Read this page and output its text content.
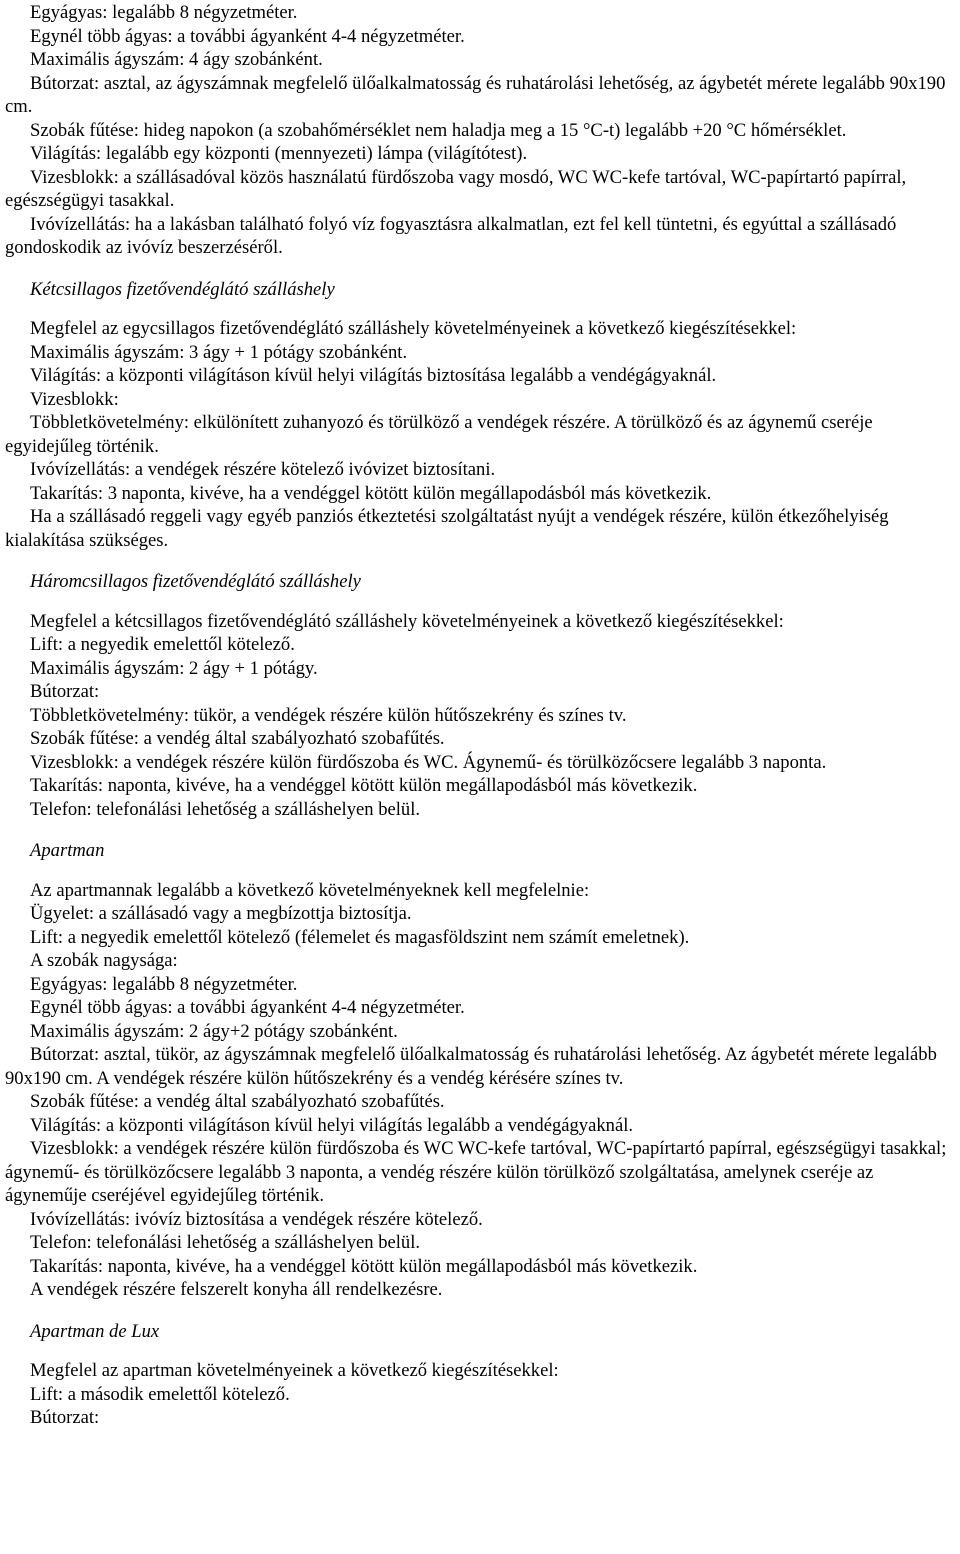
Egyágyas: legalább 8 négyzetméter.

Egynél több ágyas: a további ágyanként 4-4 négyzetméter.

Maximális ágyszám: 4 ágy szobánként.

Bútorzat: asztal, az ágyszámnak megfelelő ülőalkalmatosság és ruhatárolási lehetőség, az ágybetét mérete legalább 90x190 cm.

Szobák fűtése: hideg napokon (a szobahőmérséklet nem haladja meg a 15 °C-t) legalább +20 °C hőmérséklet.

Világítás: legalább egy központi (mennyezeti) lámpa (világítótest).

Vizesblokk: a szállásadóval közös használatú fürdőszoba vagy mosdó, WC WC-kefe tartóval, WC-papírtartó papírral, egészségügyi tasakkal.

Ivóvízellátás: ha a lakásban található folyó víz fogyasztásra alkalmatlan, ezt fel kell tüntetni, és egyúttal a szállásadó gondoskodik az ivóvíz beszerzéséről.

Kétcsillagos fizetővendéglátó szálláshely

Megfelel az egycsillagos fizetővendéglátó szálláshely követelményeinek a következő kiegészítésekkel:

Maximális ágyszám: 3 ágy + 1 pótágy szobánként.

Világítás: a központi világításon kívül helyi világítás biztosítása legalább a vendégágyaknál.

Vizesblokk:

Többletkövetelmény: elkülönített zuhanyozó és törülköző a vendégek részére. A törülköző és az ágynemű cseréje egyidejűleg történik.

Ivóvízellátás: a vendégek részére kötelező ivóvizet biztosítani.

Takarítás: 3 naponta, kivéve, ha a vendéggel kötött külön megállapodásból más következik.

Ha a szállásadó reggeli vagy egyéb panziós étkeztetési szolgáltatást nyújt a vendégek részére, külön étkezőhelyiség kialakítása szükséges.

Háromcsillagos fizetővendéglátó szálláshely

Megfelel a kétcsillagos fizetővendéglátó szálláshely követelményeinek a következő kiegészítésekkel:

Lift: a negyedik emelettől kötelező.

Maximális ágyszám: 2 ágy + 1 pótágy.

Bútorzat:

Többletkövetelmény: tükör, a vendégek részére külön hűtőszekrény és színes tv.

Szobák fűtése: a vendég által szabályozható szobafűtés.

Vizesblokk: a vendégek részére külön fürdőszoba és WC. Ágynemű- és törülközőcsere legalább 3 naponta.

Takarítás: naponta, kivéve, ha a vendéggel kötött külön megállapodásból más következik.

Telefon: telefonálási lehetőség a szálláshelyen belül.

Apartman

Az apartmannak legalább a következő követelményeknek kell megfelelnie:

Ügyelet: a szállásadó vagy a megbízottja biztosítja.

Lift: a negyedik emelettől kötelező (félemelet és magasföldszint nem számít emeletnek).

A szobák nagysága:

Egyágyas: legalább 8 négyzetméter.

Egynél több ágyas: a további ágyanként 4-4 négyzetméter.

Maximális ágyszám: 2 ágy+2 pótágy szobánként.

Bútorzat: asztal, tükör, az ágyszámnak megfelelő ülőalkalmatosság és ruhatárolási lehetőség. Az ágybetét mérete legalább 90x190 cm. A vendégek részére külön hűtőszekrény és a vendég kérésére színes tv.

Szobák fűtése: a vendég által szabályozható szobafűtés.

Világítás: a központi világításon kívül helyi világítás legalább a vendégágyaknál.

Vizesblokk: a vendégek részére külön fürdőszoba és WC WC-kefe tartóval, WC-papírtartó papírral, egészségügyi tasakkal; ágynemű- és törülközőcsere legalább 3 naponta, a vendég részére külön törülköző szolgáltatása, amelynek cseréje az ágyneműje cseréjével egyidejűleg történik.

Ivóvízellátás: ivóvíz biztosítása a vendégek részére kötelező.

Telefon: telefonálási lehetőség a szálláshelyen belül.

Takarítás: naponta, kivéve, ha a vendéggel kötött külön megállapodásból más következik.

A vendégek részére felszerelt konyha áll rendelkezésre.

Apartman de Lux

Megfelel az apartman követelményeinek a következő kiegészítésekkel:

Lift: a második emelettől kötelező.

Bútorzat:
